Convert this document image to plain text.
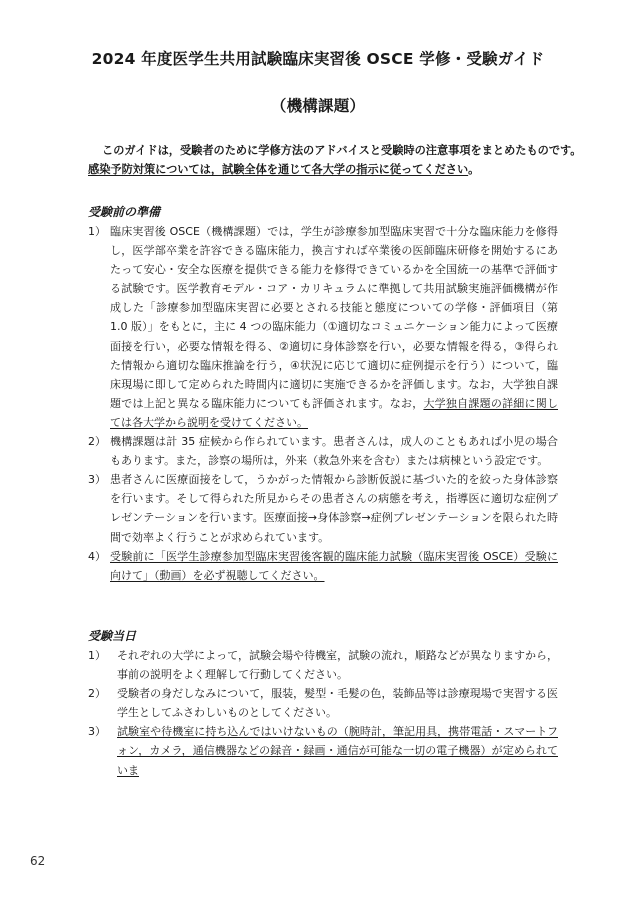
2024 年度医学生共用試験臨床実習後 OSCE 学修・受験ガイド
（機構課題）
このガイドは，受験者のために学修方法のアドバイスと受験時の注意事項をまとめたものです。
感染予防対策については，試験全体を通じて各大学の指示に従ってください。
受験前の準備
1） 臨床実習後 OSCE（機構課題）では，学生が診療参加型臨床実習で十分な臨床能力を修得し，医学部卒業を許容できる臨床能力，換言すれば卒業後の医師臨床研修を開始するにあたって安心・安全な医療を提供できる能力を修得できているかを全国統一の基準で評価する試験です。医学教育モデル・コア・カリキュラムに準拠して共用試験実施評価機構が作成した「診療参加型臨床実習に必要とされる技能と態度についての学修・評価項目（第 1.0 版）」をもとに，主に 4 つの臨床能力（①適切なコミュニケーション能力によって医療面接を行い，必要な情報を得る、②適切に身体診察を行い，必要な情報を得る，③得られた情報から適切な臨床推論を行う，④状況に応じて適切に症例提示を行う）について，臨床現場に即して定められた時間内に適切に実施できるかを評価します。なお，大学独自課題では上記と異なる臨床能力についても評価されます。なお，大学独自課題の詳細に関しては各大学から説明を受けてください。
2） 機構課題は計 35 症候から作られています。患者さんは，成人のこともあれば小児の場合もあります。また，診察の場所は，外来（救急外来を含む）または病棟という設定です。
3） 患者さんに医療面接をして，うかがった情報から診断仮説に基づいた的を絞った身体診察を行います。そして得られた所見からその患者さんの病態を考え，指導医に適切な症例プレゼンテーションを行います。医療面接→身体診察→症例プレゼンテーションを限られた時間で効率よく行うことが求められています。
4） 受験前に「医学生診療参加型臨床実習後客観的臨床能力試験（臨床実習後 OSCE）受験に向けて」（動画）を必ず視聴してください。
受験当日
1）	それぞれの大学によって，試験会場や待機室，試験の流れ，順路などが異なりますから，事前の説明をよく理解して行動してください。
2）	受験者の身だしなみについて，服装，髪型・毛髪の色，装飾品等は診療現場で実習する医学生としてふさわしいものとしてください。
3）	試験室や待機室に持ち込んではいけないもの（腕時計，筆記用具，携帯電話・スマートフォン，カメラ，通信機器などの録音・録画・通信が可能な一切の電子機器）が定められていま
62
